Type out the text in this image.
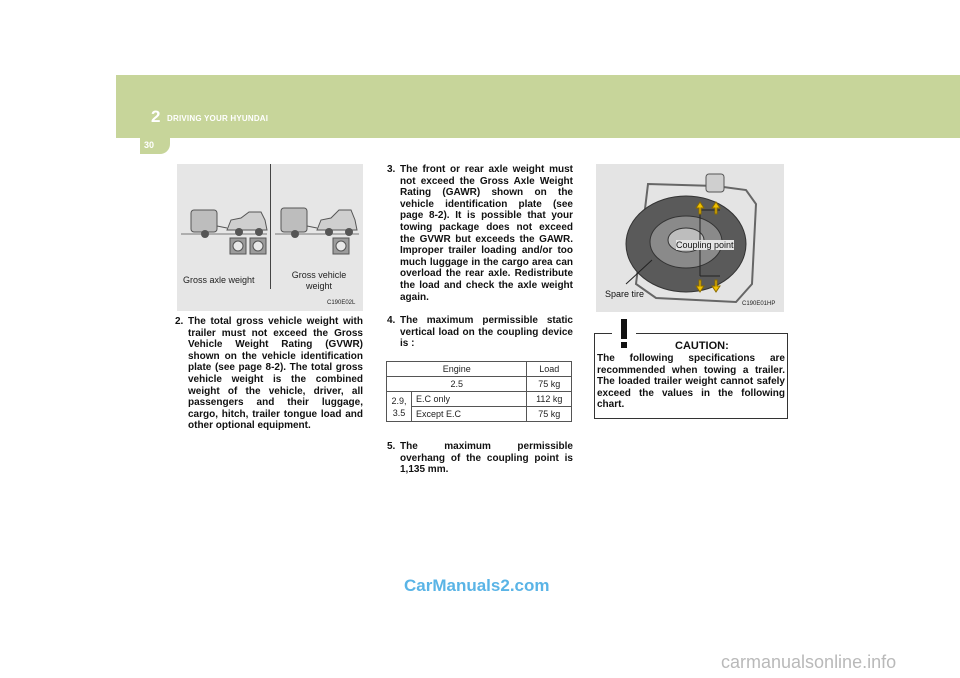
2 DRIVING YOUR HYUNDAI
30
Gross axle weight	Gross vehicle
weight
C190E02L
2. The total gross vehicle weight with trailer must not exceed the Gross Vehicle Weight Rating (GVWR) shown on the vehicle identification plate (see page 8-2). The total gross vehicle weight is the combined weight of the vehicle, driver, all passengers and their luggage, cargo, hitch, trailer tongue load and other optional equipment.
3. The front or rear axle weight must not exceed the Gross Axle Weight Rating (GAWR) shown on the vehicle identification plate (see page 8-2). It is possible that your towing package does not exceed the GVWR but exceeds the GAWR. Improper trailer loading and/or too much luggage in the cargo area can overload the rear axle. Redistribute the load and check the axle weight again.
4. The maximum permissible static vertical load on the coupling device is :
Engine		Load
2.5		75 kg
2.9,
3.5	E.C only	112 kg
	Except E.C	75 kg
5. The maximum permissible overhang of the coupling point is 1,135 mm.
Coupling point
Spare tire
C190E01HP
CAUTION:
The following specifications are recommended when towing a trailer. The loaded trailer weight cannot safely exceed the values in the following chart.
CarManuals2.com
carmanualsonline.info
